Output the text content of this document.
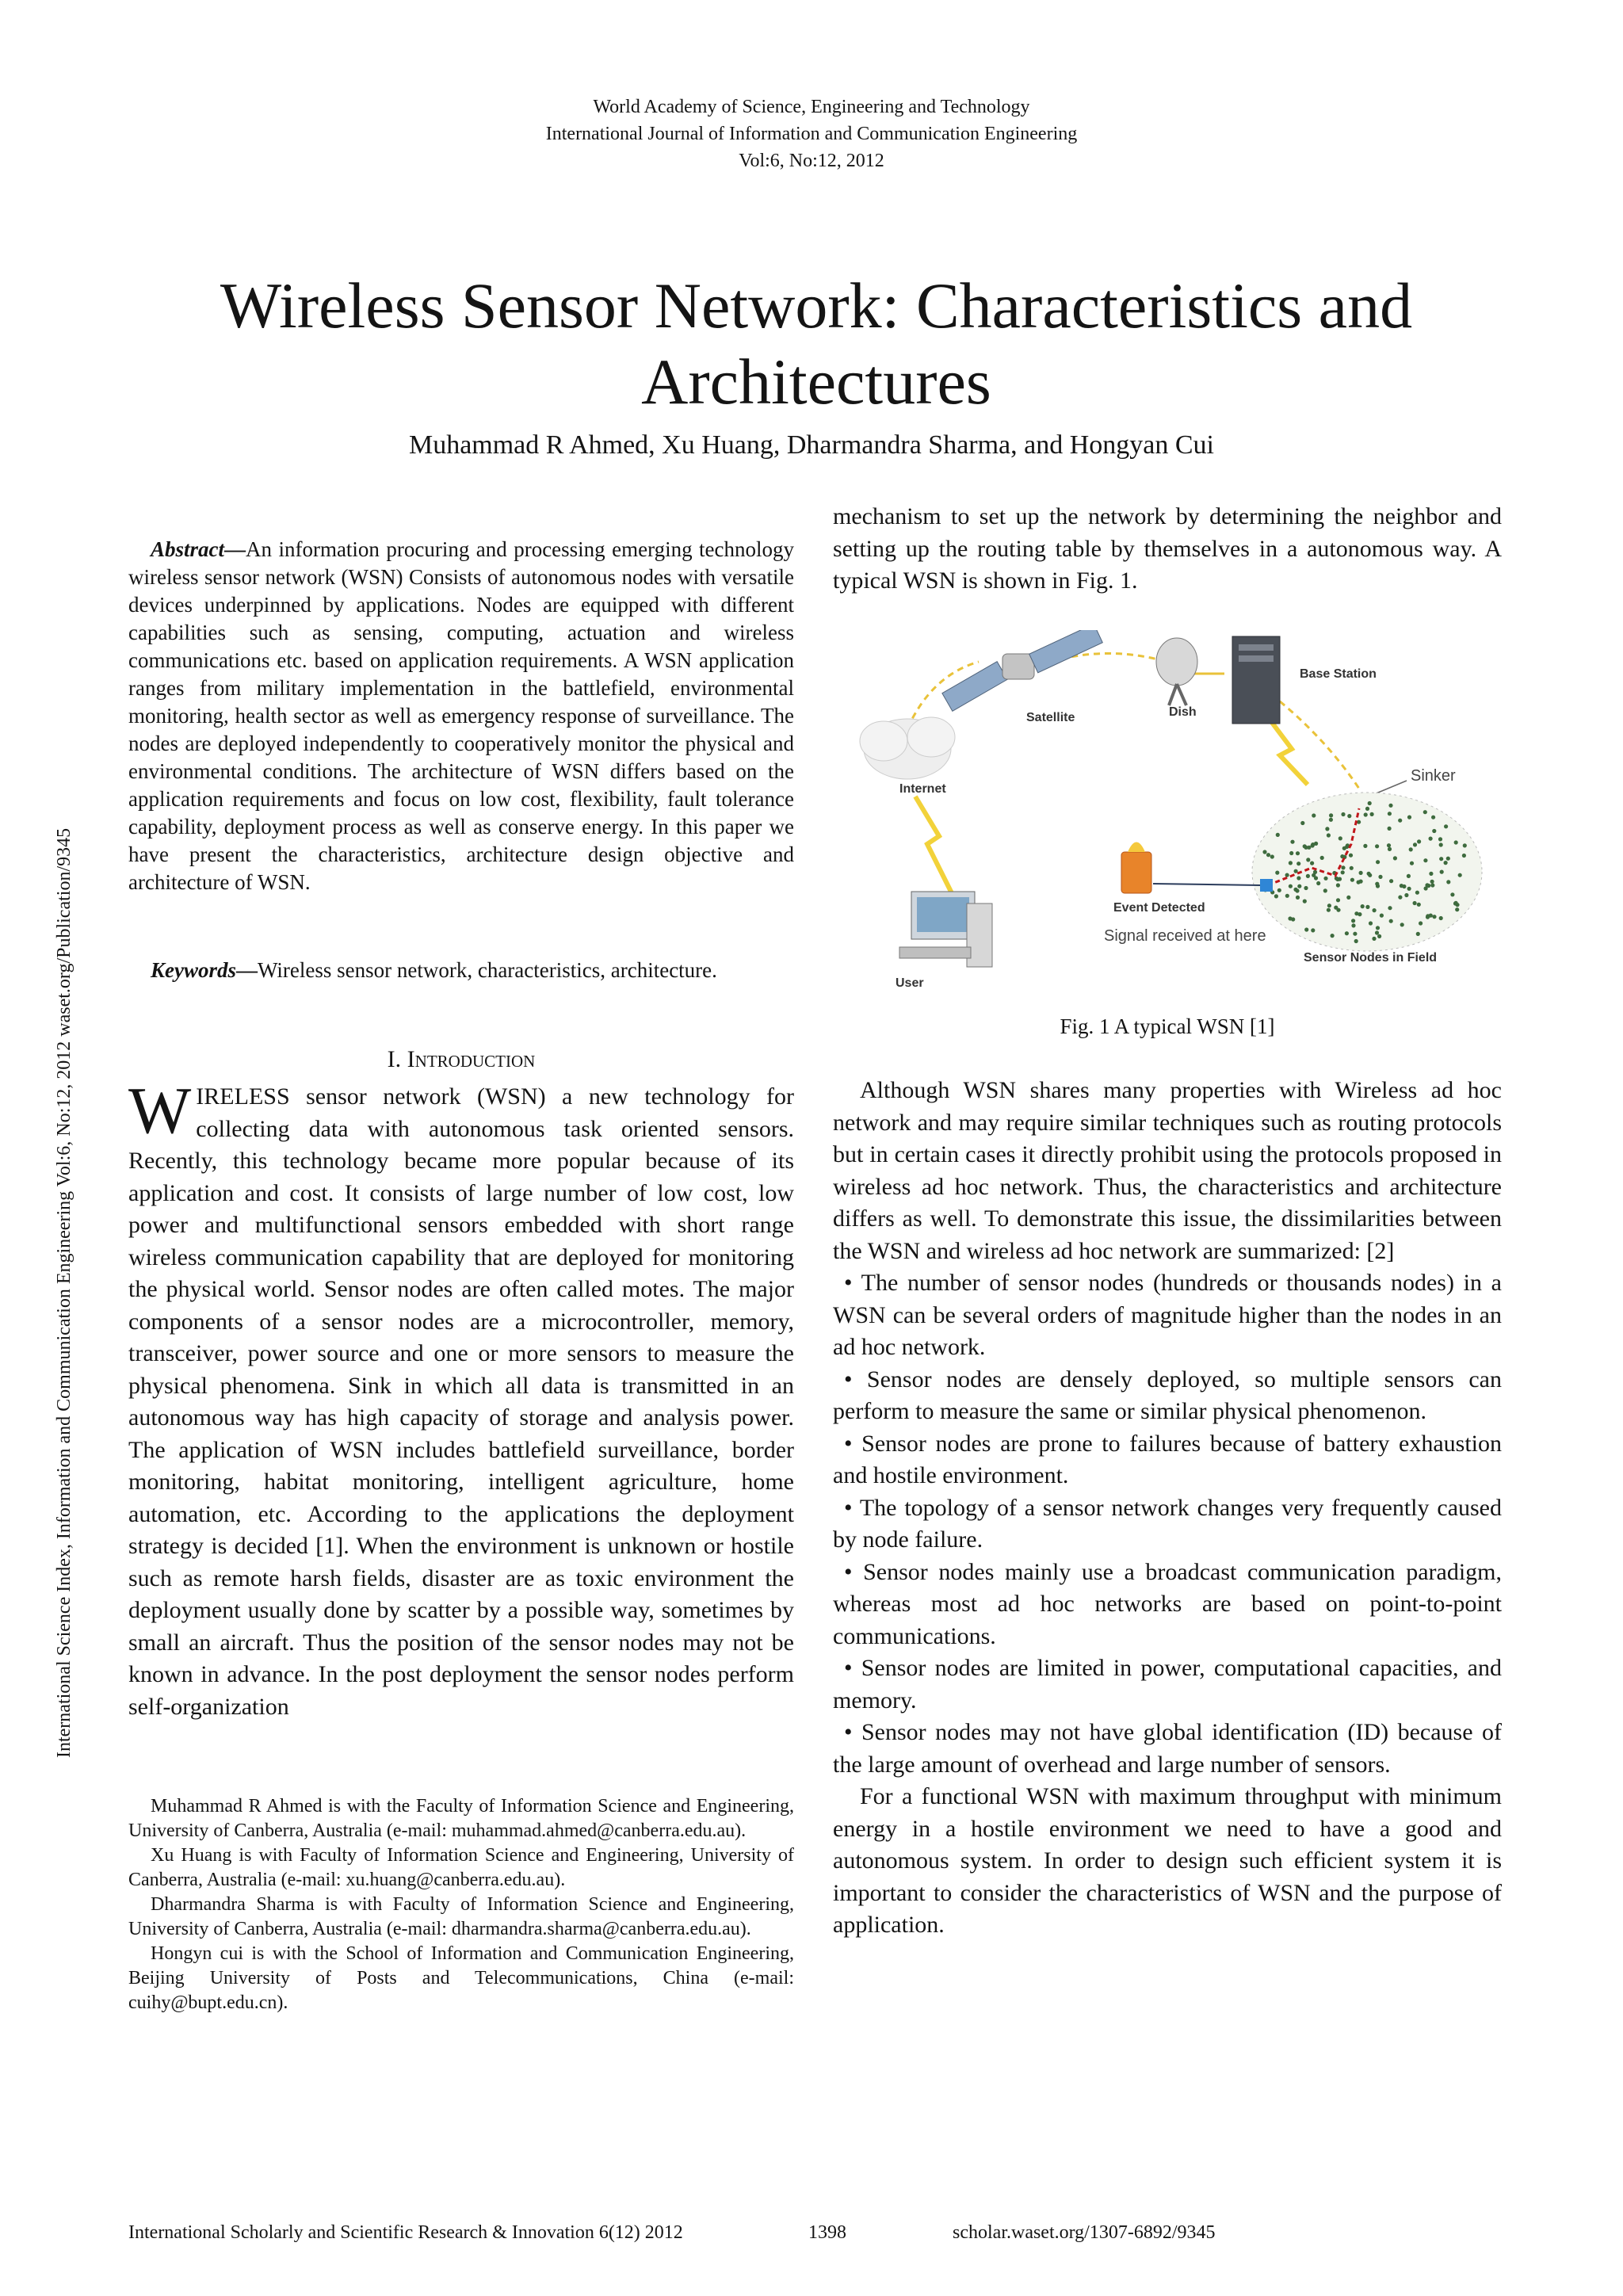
World Academy of Science, Engineering and Technology
International Journal of Information and Communication Engineering
Vol:6, No:12, 2012
Wireless Sensor Network: Characteristics and
Architectures
Muhammad R Ahmed, Xu Huang, Dharmandra Sharma, and Hongyan Cui
International Science Index, Information and Communication Engineering Vol:6, No:12, 2012 waset.org/Publication/9345

Abstract—An information procuring and processing emerging technology wireless sensor network (WSN) Consists of autonomous nodes with versatile devices underpinned by applications. Nodes are equipped with different capabilities such as sensing, computing, actuation and wireless communications etc. based on application requirements. A WSN application ranges from military implementation in the battlefield, environmental monitoring, health sector as well as emergency response of surveillance. The nodes are deployed independently to cooperatively monitor the physical and environmental conditions. The architecture of WSN differs based on the application requirements and focus on low cost, flexibility, fault tolerance capability, deployment process as well as conserve energy. In this paper we have present the characteristics, architecture design objective and architecture of WSN.

Keywords—Wireless sensor network, characteristics, architecture.

I. Introduction

WIRELESS sensor network (WSN) a new technology for collecting data with autonomous task oriented sensors. Recently, this technology became more popular because of its application and cost. It consists of large number of low cost, low power and multifunctional sensors embedded with short range wireless communication capability that are deployed for monitoring the physical world. Sensor nodes are often called motes. The major components of a sensor nodes are a microcontroller, memory, transceiver, power source and one or more sensors to measure the physical phenomena. Sink in which all data is transmitted in an autonomous way has high capacity of storage and analysis power. The application of WSN includes battlefield surveillance, border monitoring, habitat monitoring, intelligent agriculture, home automation, etc. According to the applications the deployment strategy is decided [1]. When the environment is unknown or hostile such as remote harsh fields, disaster are as toxic environment the deployment usually done by scatter by a possible way, sometimes by small an aircraft. Thus the position of the sensor nodes may not be known in advance. In the post deployment the sensor nodes perform self-organization

Muhammad R Ahmed is with the Faculty of Information Science and Engineering, University of Canberra, Australia (e-mail: muhammad.ahmed@canberra.edu.au).

Xu Huang is with Faculty of Information Science and Engineering, University of Canberra, Australia (e-mail: xu.huang@canberra.edu.au).

Dharmandra Sharma is with Faculty of Information Science and Engineering, University of Canberra, Australia (e-mail: dharmandra.sharma@canberra.edu.au).

Hongyn cui is with the School of Information and Communication Engineering, Beijing University of Posts and Telecommunications, China (e-mail: cuihy@bupt.edu.cn).

mechanism to set up the network by determining the neighbor and setting up the routing table by themselves in a autonomous way. A typical WSN is shown in Fig. 1.

Internet
Satellite	Dish
Base Station
Sinker
Event Detected
Signal received at here
Sensor Nodes in Field
User
Fig. 1 A typical WSN [1]

Although WSN shares many properties with Wireless ad hoc network and may require similar techniques such as routing protocols but in certain cases it directly prohibit using the protocols proposed in wireless ad hoc network. Thus, the characteristics and architecture differs as well. To demonstrate this issue, the dissimilarities between the WSN and wireless ad hoc network are summarized: [2]

• The number of sensor nodes (hundreds or thousands nodes) in a WSN can be several orders of magnitude higher than the nodes in an ad hoc network.

• Sensor nodes are densely deployed, so multiple sensors can perform to measure the same or similar physical phenomenon.

• Sensor nodes are prone to failures because of battery exhaustion and hostile environment.

• The topology of a sensor network changes very frequently caused by node failure.

• Sensor nodes mainly use a broadcast communication paradigm, whereas most ad hoc networks are based on point-to-point communications.

• Sensor nodes are limited in power, computational capacities, and memory.

• Sensor nodes may not have global identification (ID) because of the large amount of overhead and large number of sensors.

For a functional WSN with maximum throughput with minimum energy in a hostile environment we need to have a good and autonomous system. In order to design such efficient system it is important to consider the characteristics of WSN and the purpose of application.

International Scholarly and Scientific Research & Innovation 6(12) 2012	1398	scholar.waset.org/1307-6892/9345
